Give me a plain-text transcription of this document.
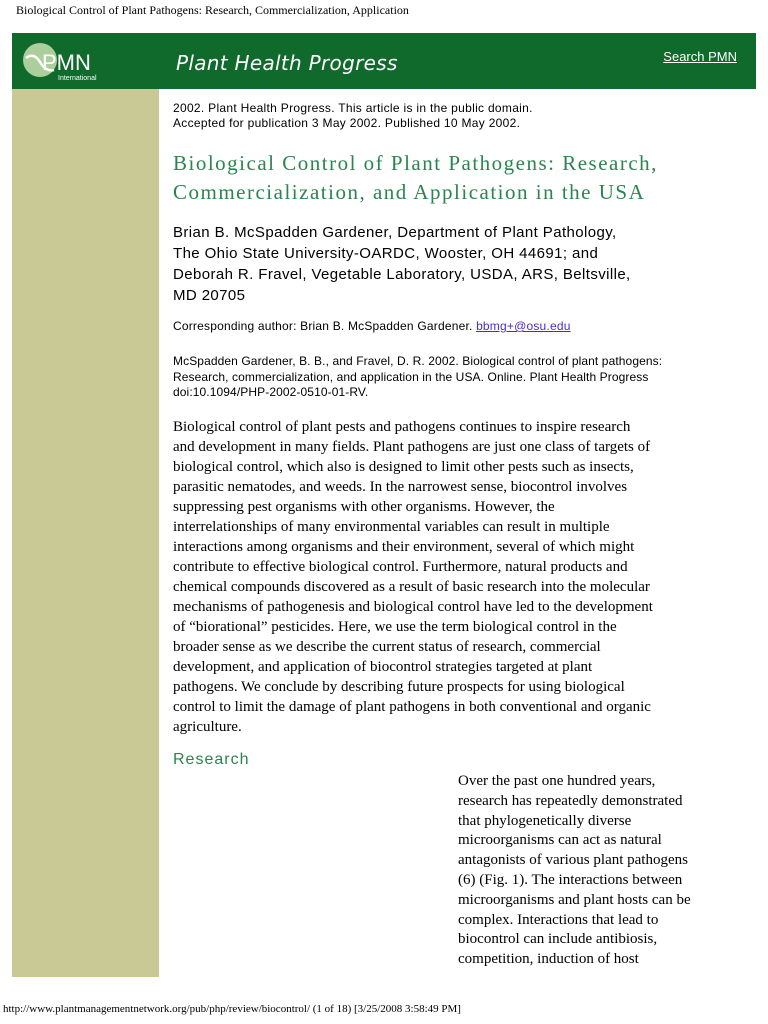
Biological Control of Plant Pathogens: Research, Commercialization, Application
PMN
International
Plant Health Progress	Search PMN
2002. Plant Health Progress. This article is in the public domain.
Accepted for publication 3 May 2002. Published 10 May 2002.
Biological Control of Plant Pathogens: Research,
Commercialization, and Application in the USA
Brian B. McSpadden Gardener, Department of Plant Pathology,
The Ohio State University-OARDC, Wooster, OH 44691; and
Deborah R. Fravel, Vegetable Laboratory, USDA, ARS, Beltsville,
MD 20705
Corresponding author: Brian B. McSpadden Gardener. bbmg+@osu.edu
McSpadden Gardener, B. B., and Fravel, D. R. 2002. Biological control of plant pathogens:
Research, commercialization, and application in the USA. Online. Plant Health Progress
doi:10.1094/PHP-2002-0510-01-RV.
Biological control of plant pests and pathogens continues to inspire research
and development in many fields. Plant pathogens are just one class of targets of
biological control, which also is designed to limit other pests such as insects,
parasitic nematodes, and weeds. In the narrowest sense, biocontrol involves
suppressing pest organisms with other organisms. However, the
interrelationships of many environmental variables can result in multiple
interactions among organisms and their environment, several of which might
contribute to effective biological control. Furthermore, natural products and
chemical compounds discovered as a result of basic research into the molecular
mechanisms of pathogenesis and biological control have led to the development
of “biorational” pesticides. Here, we use the term biological control in the
broader sense as we describe the current status of research, commercial
development, and application of biocontrol strategies targeted at plant
pathogens. We conclude by describing future prospects for using biological
control to limit the damage of plant pathogens in both conventional and organic
agriculture.
Research
Over the past one hundred years,
research has repeatedly demonstrated
that phylogenetically diverse
microorganisms can act as natural
antagonists of various plant pathogens
(6) (Fig. 1). The interactions between
microorganisms and plant hosts can be
complex. Interactions that lead to
biocontrol can include antibiosis,
competition, induction of host
http://www.plantmanagementnetwork.org/pub/php/review/biocontrol/ (1 of 18) [3/25/2008 3:58:49 PM]
